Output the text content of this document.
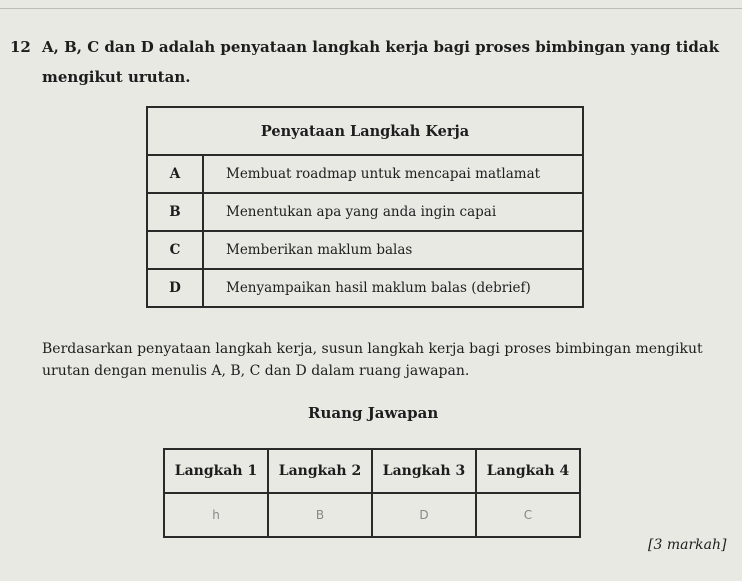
12 A, B, C dan D adalah penyataan langkah kerja bagi proses bimbingan yang tidak
mengikut urutan.
Penyataan Langkah Kerja	
A	Membuat roadmap untuk mencapai matlamat
B	Menentukan apa yang anda ingin capai
C	Memberikan maklum balas
D	Menyampaikan hasil maklum balas (debrief)
Berdasarkan penyataan langkah kerja, susun langkah kerja bagi proses bimbingan mengikut
urutan dengan menulis A, B, C dan D dalam ruang jawapan.
Ruang Jawapan
Langkah 1	Langkah 2	Langkah 3	Langkah 4
h	B	D	C
[3 markah]
